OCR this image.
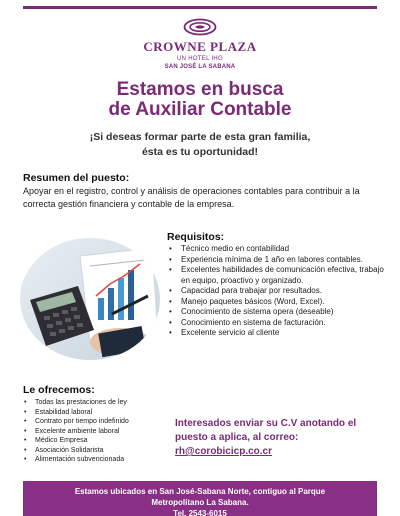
CROWNE PLAZA
UN HOTEL IHG
SAN JOSÉ LA SABANA
Estamos en busca
de Auxiliar Contable
¡Si deseas formar parte de esta gran familia,
ésta es tu oportunidad!
Resumen del puesto:
Apoyar en el registro, control y análisis de operaciones contables para contribuir a la correcta gestión financiera y contable de la empresa.
Requisitos:
• Técnico medio en contabilidad
• Experiencia mínima de 1 año en labores contables.
• Excelentes habilidades de comunicación efectiva, trabajo en equipo, proactivo y organizado.
• Capacidad para trabajar por resultados.
• Manejo paquetes básicos (Word, Excel).
• Conocimiento de sistema opera (deseable)
• Conocimiento en sistema de facturación.
• Excelente servicio al cliente
Le ofrecemos:
• Todas las prestaciones de ley
• Estabilidad laboral
• Contrato por tiempo indefinido
• Excelente ambiente laboral
• Médico Empresa
• Asociación Solidarista
• Alimentación subvencionada
Interesados enviar su C.V anotando el
puesto a aplica, al correo:
rh@corobicicp.co.cr
Estamos ubicados en San José-Sabana Norte, contiguo al Parque
Metropolitano La Sabana.
Tel. 2543-6015
